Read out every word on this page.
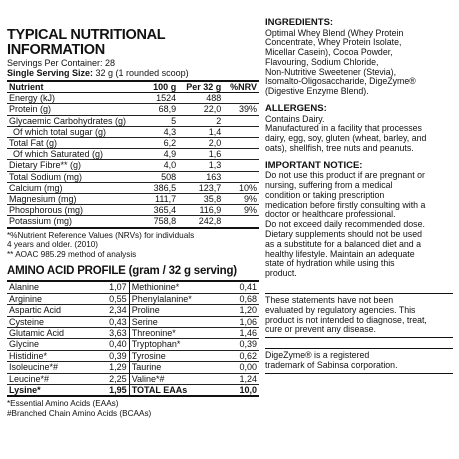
TYPICAL NUTRITIONAL INFORMATION
Servings Per Container: 28
Single Serving Size: 32 g (1 rounded scoop)
Nutrient	100 g	Per 32 g	%NRV
Energy (kJ)	1524	488	
Protein (g)	68,9	22,0	39%
Glycaemic Carbohydrates (g)	5	2	
Of which total sugar (g)	4,3	1,4	
Total Fat (g)	6,2	2,0	
Of which Saturated (g)	4,9	1,6	
Dietary Fibre** (g)	4,0	1,3	
Total Sodium (mg)	508	163	
Calcium (mg)	386,5	123,7	10%
Magnesium (mg)	111,7	35,8	9%
Phosphorous (mg)	365,4	116,9	9%
Potassium (mg)	758,8	242,8	
*%Nutrient Reference Values (NRVs) for individuals
4 years and older. (2010)
** AOAC 985.29 method of analysis
AMINO ACID PROFILE (gram / 32 g serving)
Alanine	1,07	Methionine*	0,41
Arginine	0,55	Phenylalanine*	0,68
Aspartic Acid	2,34	Proline	1,20
Cysteine	0,43	Serine	1,06
Glutamic Acid	3,63	Threonine*	1,46
Glycine	0,40	Tryptophan*	0,39
Histidine*	0,39	Tyrosine	0,62
Isoleucine*#	1,29	Taurine	0,00
Leucine*#	2,25	Valine*#	1,24
Lysine*	1,95	TOTAL EAAs	10,0
*Essential Amino Acids (EAAs)
#Branched Chain Amino Acids (BCAAs)
INGREDIENTS:
Optimal Whey Blend (Whey Protein
Concentrate, Whey Protein Isolate,
Micellar Casein), Cocoa Powder,
Flavouring, Sodium Chloride,
Non-Nutritive Sweetener (Stevia),
Isomalto-Oligosaccharide, DigeZyme®
(Digestive Enzyme Blend).
ALLERGENS:
Contains Dairy.
Manufactured in a facility that processes
dairy, egg, soy, gluten (wheat, barley, and
oats), shellfish, tree nuts and peanuts.
IMPORTANT NOTICE:
Do not use this product if are pregnant or
nursing, suffering from a medical
condition or taking prescription
medication before firstly consulting with a
doctor or healthcare professional.
Do not exceed daily recommended dose.
Dietary supplements should not be used
as a substitute for a balanced diet and a
healthy lifestyle. Maintain an adequate
state of hydration while using this
product.
These statements have not been
evaluated by regulatory agencies. This
product is not intended to diagnose, treat,
cure or prevent any disease.
DigeZyme® is a registered
trademark of Sabinsa corporation.
